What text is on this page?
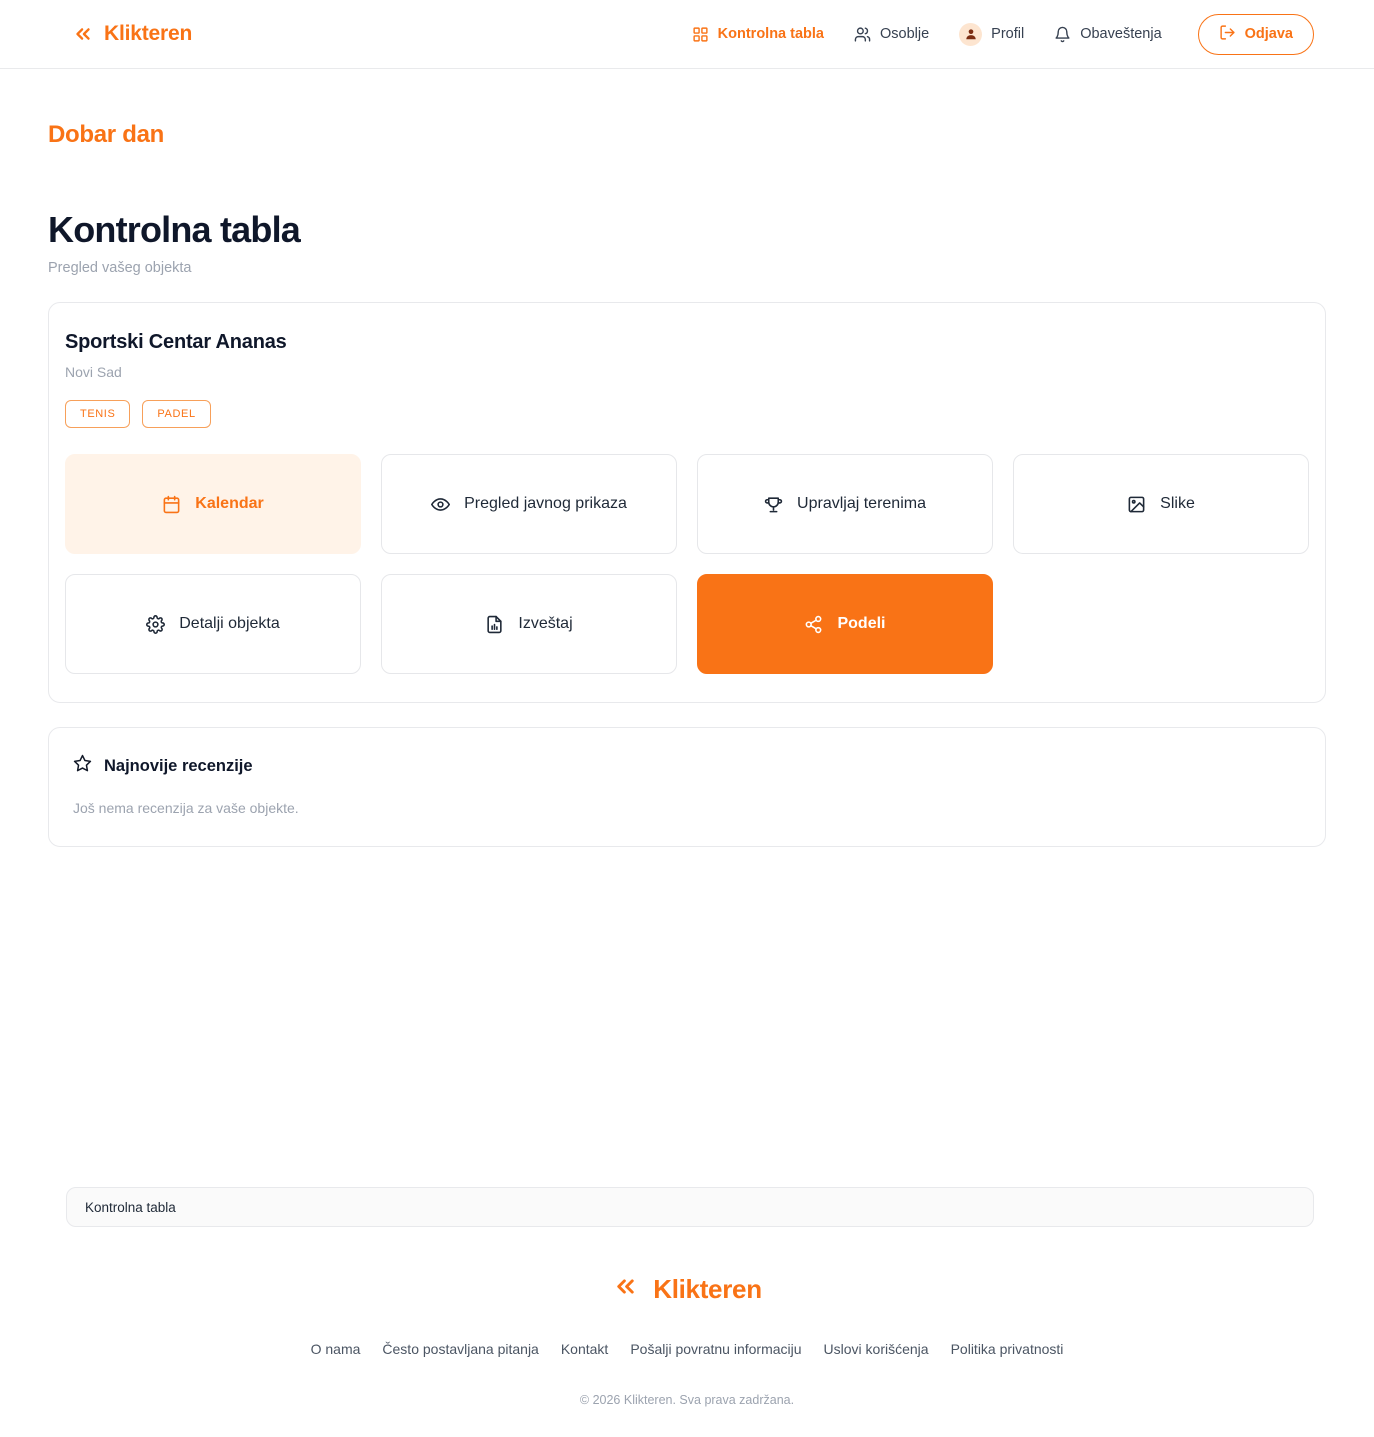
Klikteren	Kontrolna tabla	Osoblje	Profil	Obaveštenja	Odjava
Dobar dan
Kontrolna tabla
Pregled vašeg objekta
Sportski Centar Ananas
Novi Sad
TENIS	PADEL
Kalendar	Pregled javnog prikaza	Upravljaj terenima	Slike
Detalji objekta	Izveštaj	Podeli
Najnovije recenzije
Još nema recenzija za vaše objekte.
Kontrolna tabla
Klikteren
O nama Često postavljana pitanja Kontakt Pošalji povratnu informaciju Uslovi korišćenja Politika privatnosti
© 2026 Klikteren. Sva prava zadržana.
